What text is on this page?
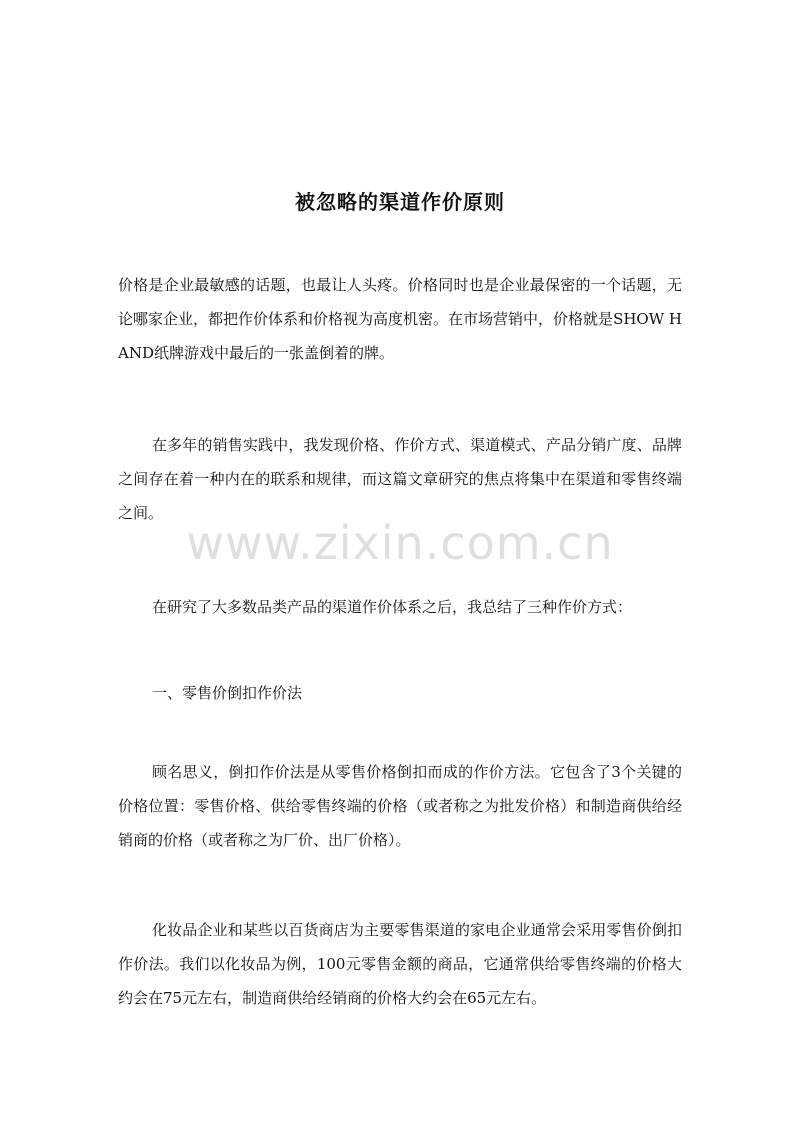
被忽略的渠道作价原则

价格是企业最敏感的话题，也最让人头疼。价格同时也是企业最保密的一个话题，无论哪家企业，都把作价体系和价格视为高度机密。在市场营销中，价格就是SHOW HAND纸牌游戏中最后的一张盖倒着的牌。

在多年的销售实践中，我发现价格、作价方式、渠道模式、产品分销广度、品牌之间存在着一种内在的联系和规律，而这篇文章研究的焦点将集中在渠道和零售终端之间。

www.zixin.com.cn

在研究了大多数品类产品的渠道作价体系之后，我总结了三种作价方式：

一、零售价倒扣作价法

顾名思义，倒扣作价法是从零售价格倒扣而成的作价方法。它包含了3个关键的价格位置：零售价格、供给零售终端的价格（或者称之为批发价格）和制造商供给经销商的价格（或者称之为厂价、出厂价格）。

化妆品企业和某些以百货商店为主要零售渠道的家电企业通常会采用零售价倒扣作价法。我们以化妆品为例，100元零售金额的商品，它通常供给零售终端的价格大约会在75元左右，制造商供给经销商的价格大约会在65元左右。
